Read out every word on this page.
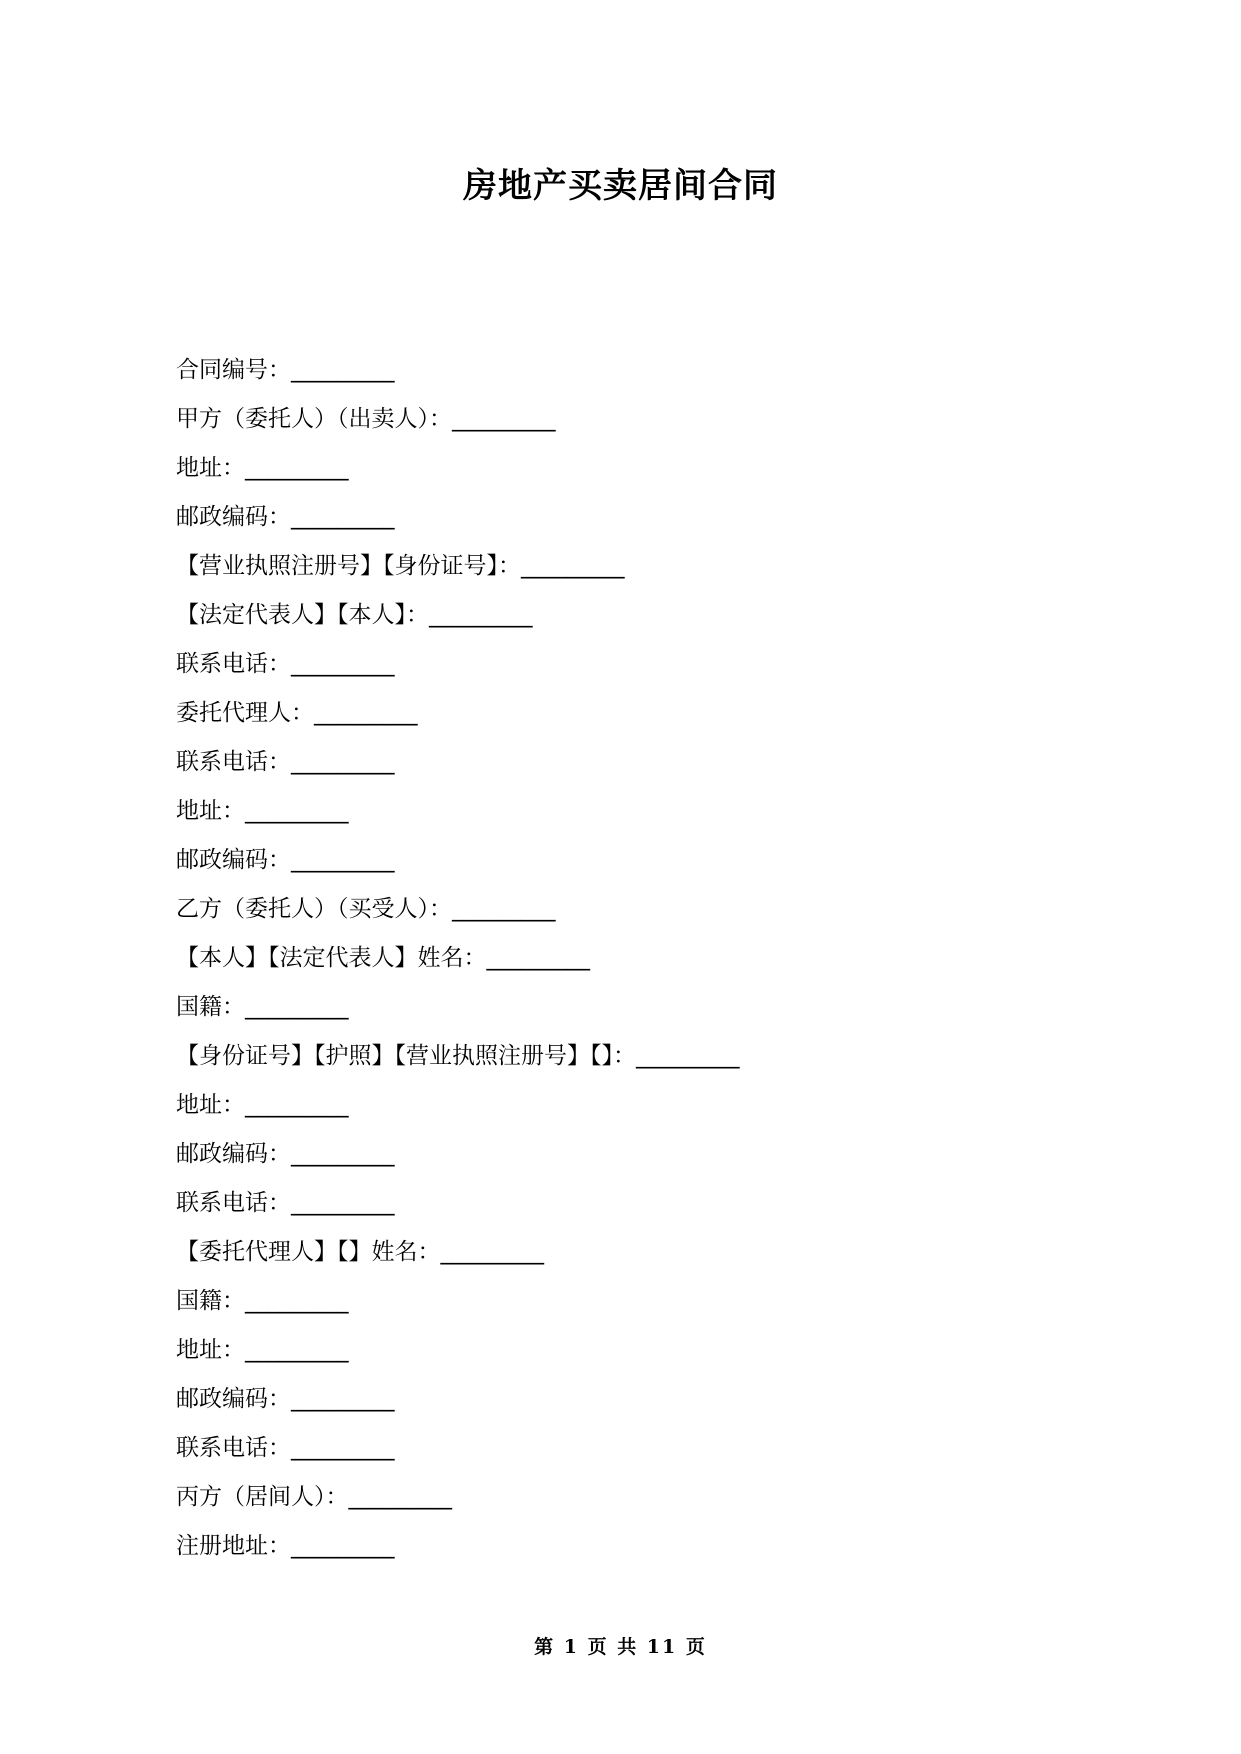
房地产买卖居间合同
合同编号：_________
甲方（委托人）（出卖人）：_________
地址：_________
邮政编码：_________
【营业执照注册号】【身份证号】：_________
【法定代表人】【本人】：_________
联系电话：_________
委托代理人：_________
联系电话：_________
地址：_________
邮政编码：_________
乙方（委托人）（买受人）：_________
【本人】【法定代表人】姓名：_________
国籍：_________
【身份证号】【护照】【营业执照注册号】【】：_________
地址：_________
邮政编码：_________
联系电话：_________
【委托代理人】【】姓名：_________
国籍：_________
地址：_________
邮政编码：_________
联系电话：_________
丙方（居间人）：_________
注册地址：_________
第 1 页 共 11 页
